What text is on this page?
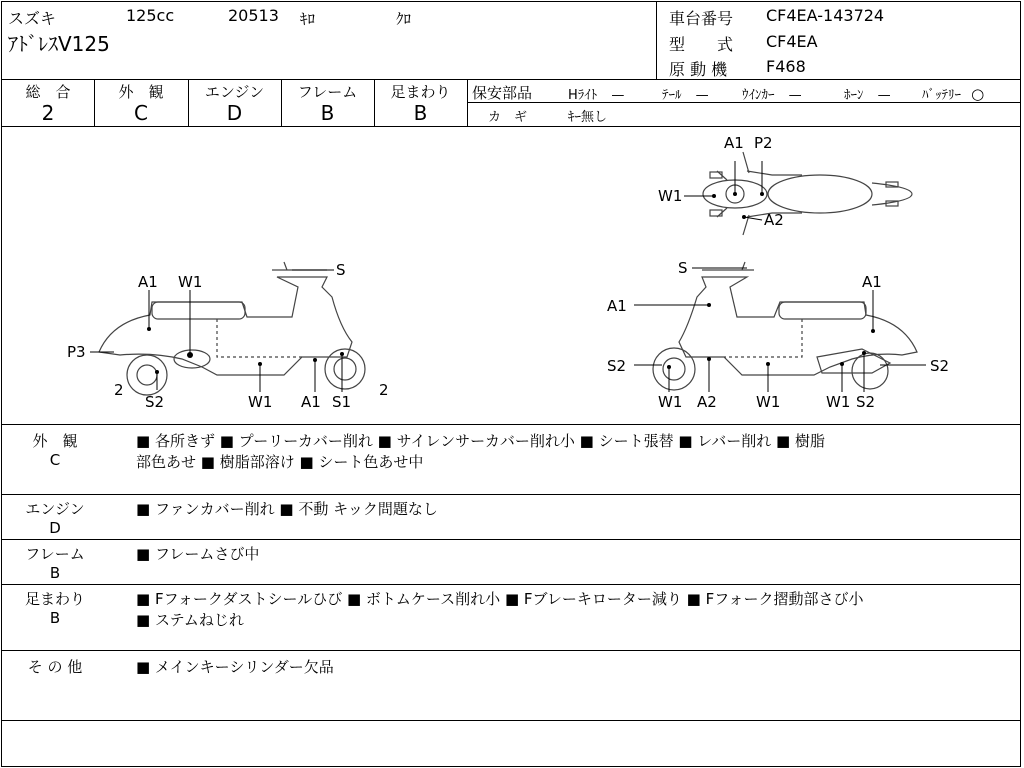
スズキ	125cc	20513 ｷﾛ	ｸﾛ
ｱﾄﾞﾚｽV125
車台番号 CF4EA-143724
型　　式 CF4EA
原 動 機 F468
総　合
2
外　観
C
エンジン
D
フレーム
B
足まわり
B
保安部品	Hﾗｲﾄ —	ﾃｰﾙ —	ｳｲﾝｶｰ —	ﾎｰﾝ — ﾊﾞｯﾃﾘｰ ○
カ　ギ	ｷｰ無し
A1 P2
W1
A2
S
A1 W1
P3
2
S2	W1 A1 S1
2
S
A1
A1
S2	S2
W1 A2	W1	W1 S2
外　観
C
■ 各所きず ■ プーリーカバー削れ ■ サイレンサーカバー削れ小 ■ シート張替 ■ レバー削れ ■ 樹脂
部色あせ ■ 樹脂部溶け ■ シート色あせ中
エンジン
D
■ ファンカバー削れ ■ 不動 キック問題なし
フレーム
B
■ フレームさび中
足まわり
B
■ Fフォークダストシールひび ■ ボトムケース削れ小 ■ Fブレーキローター減り ■ Fフォーク摺動部さび小
■ ステムねじれ
そ の 他	■ メインキーシリンダー欠品
